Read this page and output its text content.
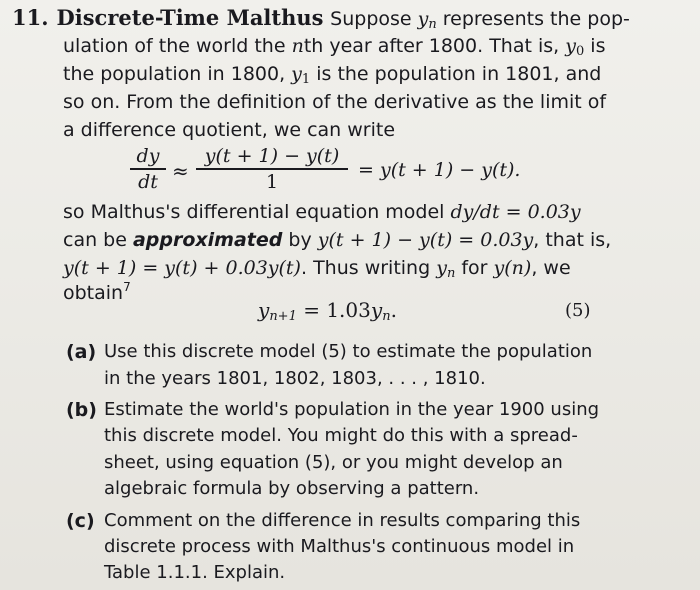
11. Discrete-Time Malthus Suppose $y_n$ represents the pop-
ulation of the world the nth year after 1800. That is, $y_0$ is
the population in 1800, $y_1$ is the population in 1801, and
so on. From the definition of the derivative as the limit of
a difference quotient, we can write
$\frac{dy}{dt} \approx \frac{y(t + 1) - y(t)}{1} = y(t + 1) - y(t)$.
so Malthus's differential equation model dy/dt = 0.03y
can be approximated by y(t + 1) − y(t) = 0.03y, that is,
y(t + 1) = y(t) + 0.03y(t). Thus writing $y_n$ for y(n), we
obtain$^7$
$y_{n+1} = 1.03y_n$.	(5)
(a) Use this discrete model (5) to estimate the population
in the years 1801, 1802, 1803, . . . , 1810.
(b) Estimate the world's population in the year 1900 using
this discrete model. You might do this with a spread-
sheet, using equation (5), or you might develop an
algebraic formula by observing a pattern.
(c) Comment on the difference in results comparing this
discrete process with Malthus's continuous model in
Table 1.1.1. Explain.
